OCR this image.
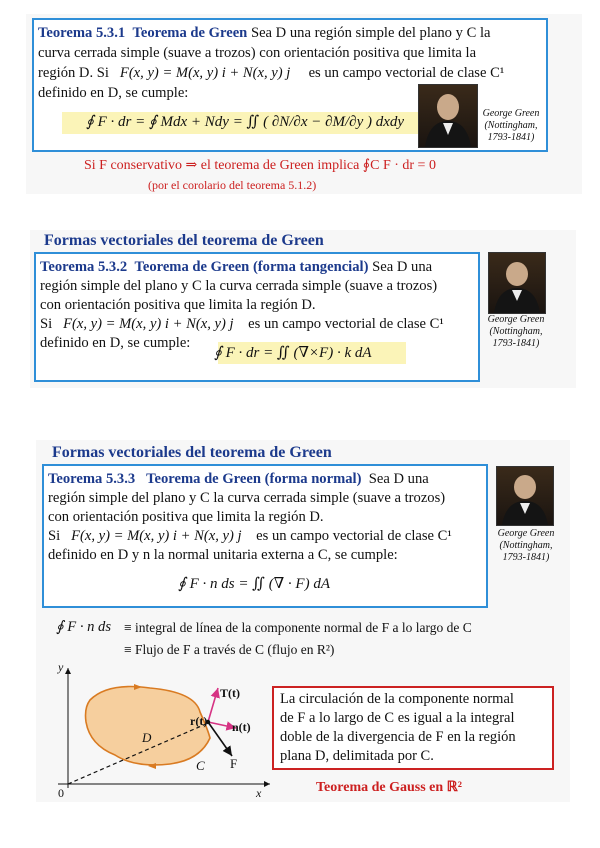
Teorema 5.3.1 Teorema de Green Sea D una región simple del plano y C la
curva cerrada simple (suave a trozos) con orientación positiva que limita la
región D. Si F(x, y) = M(x, y) i + N(x, y) j es un campo vectorial de clase C¹
definido en D, se cumple:
∮ F · dr = ∮ Mdx + Ndy = ∬ ( ∂N/∂x − ∂M/∂y ) dxdy
George Green
(Nottingham,
1793-1841)
Si F conservativo ⇒ el teorema de Green implica ∮C F · dr = 0
(por el corolario del teorema 5.1.2)
Formas vectoriales del teorema de Green
Teorema 5.3.2 Teorema de Green (forma tangencial) Sea D una
región simple del plano y C la curva cerrada simple (suave a trozos)
con orientación positiva que limita la región D.
Si F(x, y) = M(x, y) i + N(x, y) j es un campo vectorial de clase C¹
definido en D, se cumple:
∮ F · dr = ∬ (∇×F) · k dA
George Green
(Nottingham,
1793-1841)
Formas vectoriales del teorema de Green
Teorema 5.3.3 Teorema de Green (forma normal) Sea D una
región simple del plano y C la curva cerrada simple (suave a trozos)
con orientación positiva que limita la región D.
Si F(x, y) = M(x, y) i + N(x, y) j es un campo vectorial de clase C¹
definido en D y n la normal unitaria externa a C, se cumple:
∮ F · n ds = ∬ (∇ · F) dA
George Green
(Nottingham,
1793-1841)
∮ F · n ds ≡ integral de línea de la componente normal de F a lo largo de C
≡ Flujo de F a través de C (flujo en R²)
y
x
0
D
C F
T(t)
r(t) n(t)
La circulación de la componente normal
de F a lo largo de C es igual a la integral
doble de la divergencia de F en la región
plana D, delimitada por C.
Teorema de Gauss en ℝ²
